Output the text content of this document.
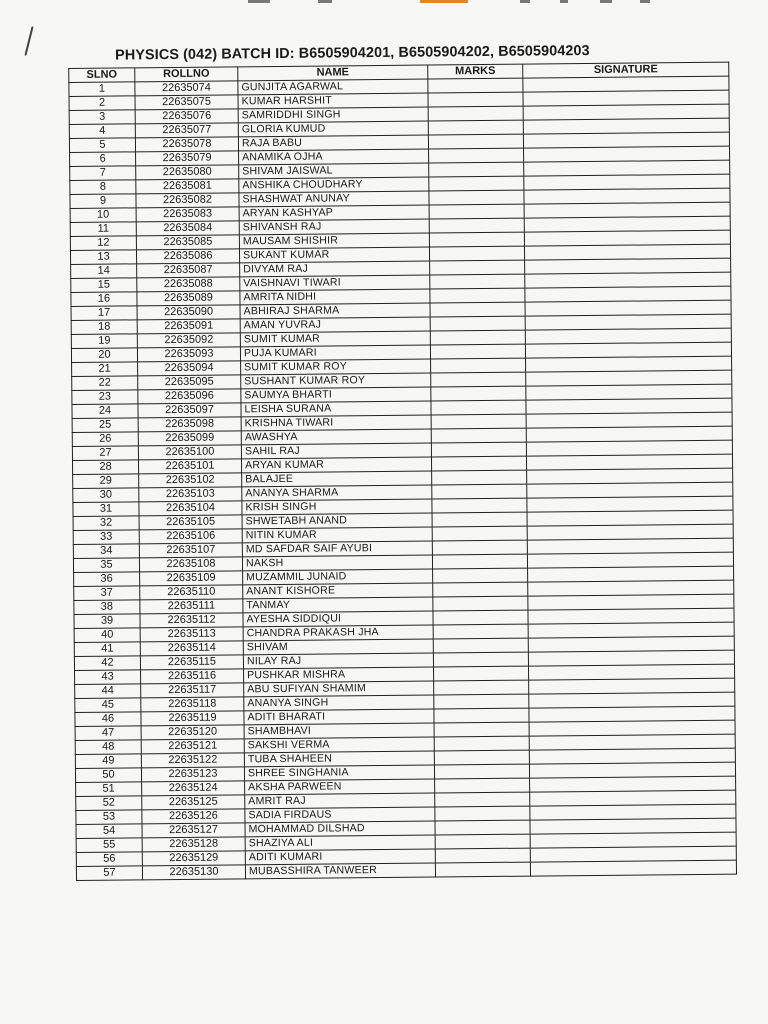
PHYSICS (042) BATCH ID: B6505904201, B6505904202, B6505904203
SLNO	ROLLNO	NAME	MARKS	SIGNATURE
1	22635074	GUNJITA AGARWAL		
2	22635075	KUMAR HARSHIT		
3	22635076	SAMRIDDHI SINGH		
4	22635077	GLORIA KUMUD		
5	22635078	RAJA BABU		
6	22635079	ANAMIKA OJHA		
7	22635080	SHIVAM JAISWAL		
8	22635081	ANSHIKA CHOUDHARY		
9	22635082	SHASHWAT ANUNAY		
10	22635083	ARYAN KASHYAP		
11	22635084	SHIVANSH RAJ		
12	22635085	MAUSAM SHISHIR		
13	22635086	SUKANT KUMAR		
14	22635087	DIVYAM RAJ		
15	22635088	VAISHNAVI TIWARI		
16	22635089	AMRITA NIDHI		
17	22635090	ABHIRAJ SHARMA		
18	22635091	AMAN YUVRAJ		
19	22635092	SUMIT KUMAR		
20	22635093	PUJA KUMARI		
21	22635094	SUMIT KUMAR ROY		
22	22635095	SUSHANT KUMAR ROY		
23	22635096	SAUMYA BHARTI		
24	22635097	LEISHA SURANA		
25	22635098	KRISHNA TIWARI		
26	22635099	AWASHYA		
27	22635100	SAHIL RAJ		
28	22635101	ARYAN KUMAR		
29	22635102	BALAJEE		
30	22635103	ANANYA SHARMA		
31	22635104	KRISH SINGH		
32	22635105	SHWETABH ANAND		
33	22635106	NITIN KUMAR		
34	22635107	MD SAFDAR SAIF AYUBI		
35	22635108	NAKSH		
36	22635109	MUZAMMIL JUNAID		
37	22635110	ANANT KISHORE		
38	22635111	TANMAY		
39	22635112	AYESHA SIDDIQUI		
40	22635113	CHANDRA PRAKASH JHA		
41	22635114	SHIVAM		
42	22635115	NILAY RAJ		
43	22635116	PUSHKAR MISHRA		
44	22635117	ABU SUFIYAN SHAMIM		
45	22635118	ANANYA SINGH		
46	22635119	ADITI BHARATI		
47	22635120	SHAMBHAVI		
48	22635121	SAKSHI VERMA		
49	22635122	TUBA SHAHEEN		
50	22635123	SHREE SINGHANIA		
51	22635124	AKSHA PARWEEN		
52	22635125	AMRIT RAJ		
53	22635126	SADIA FIRDAUS		
54	22635127	MOHAMMAD DILSHAD		
55	22635128	SHAZIYA ALI		
56	22635129	ADITI KUMARI		
57	22635130	MUBASSHIRA TANWEER		
